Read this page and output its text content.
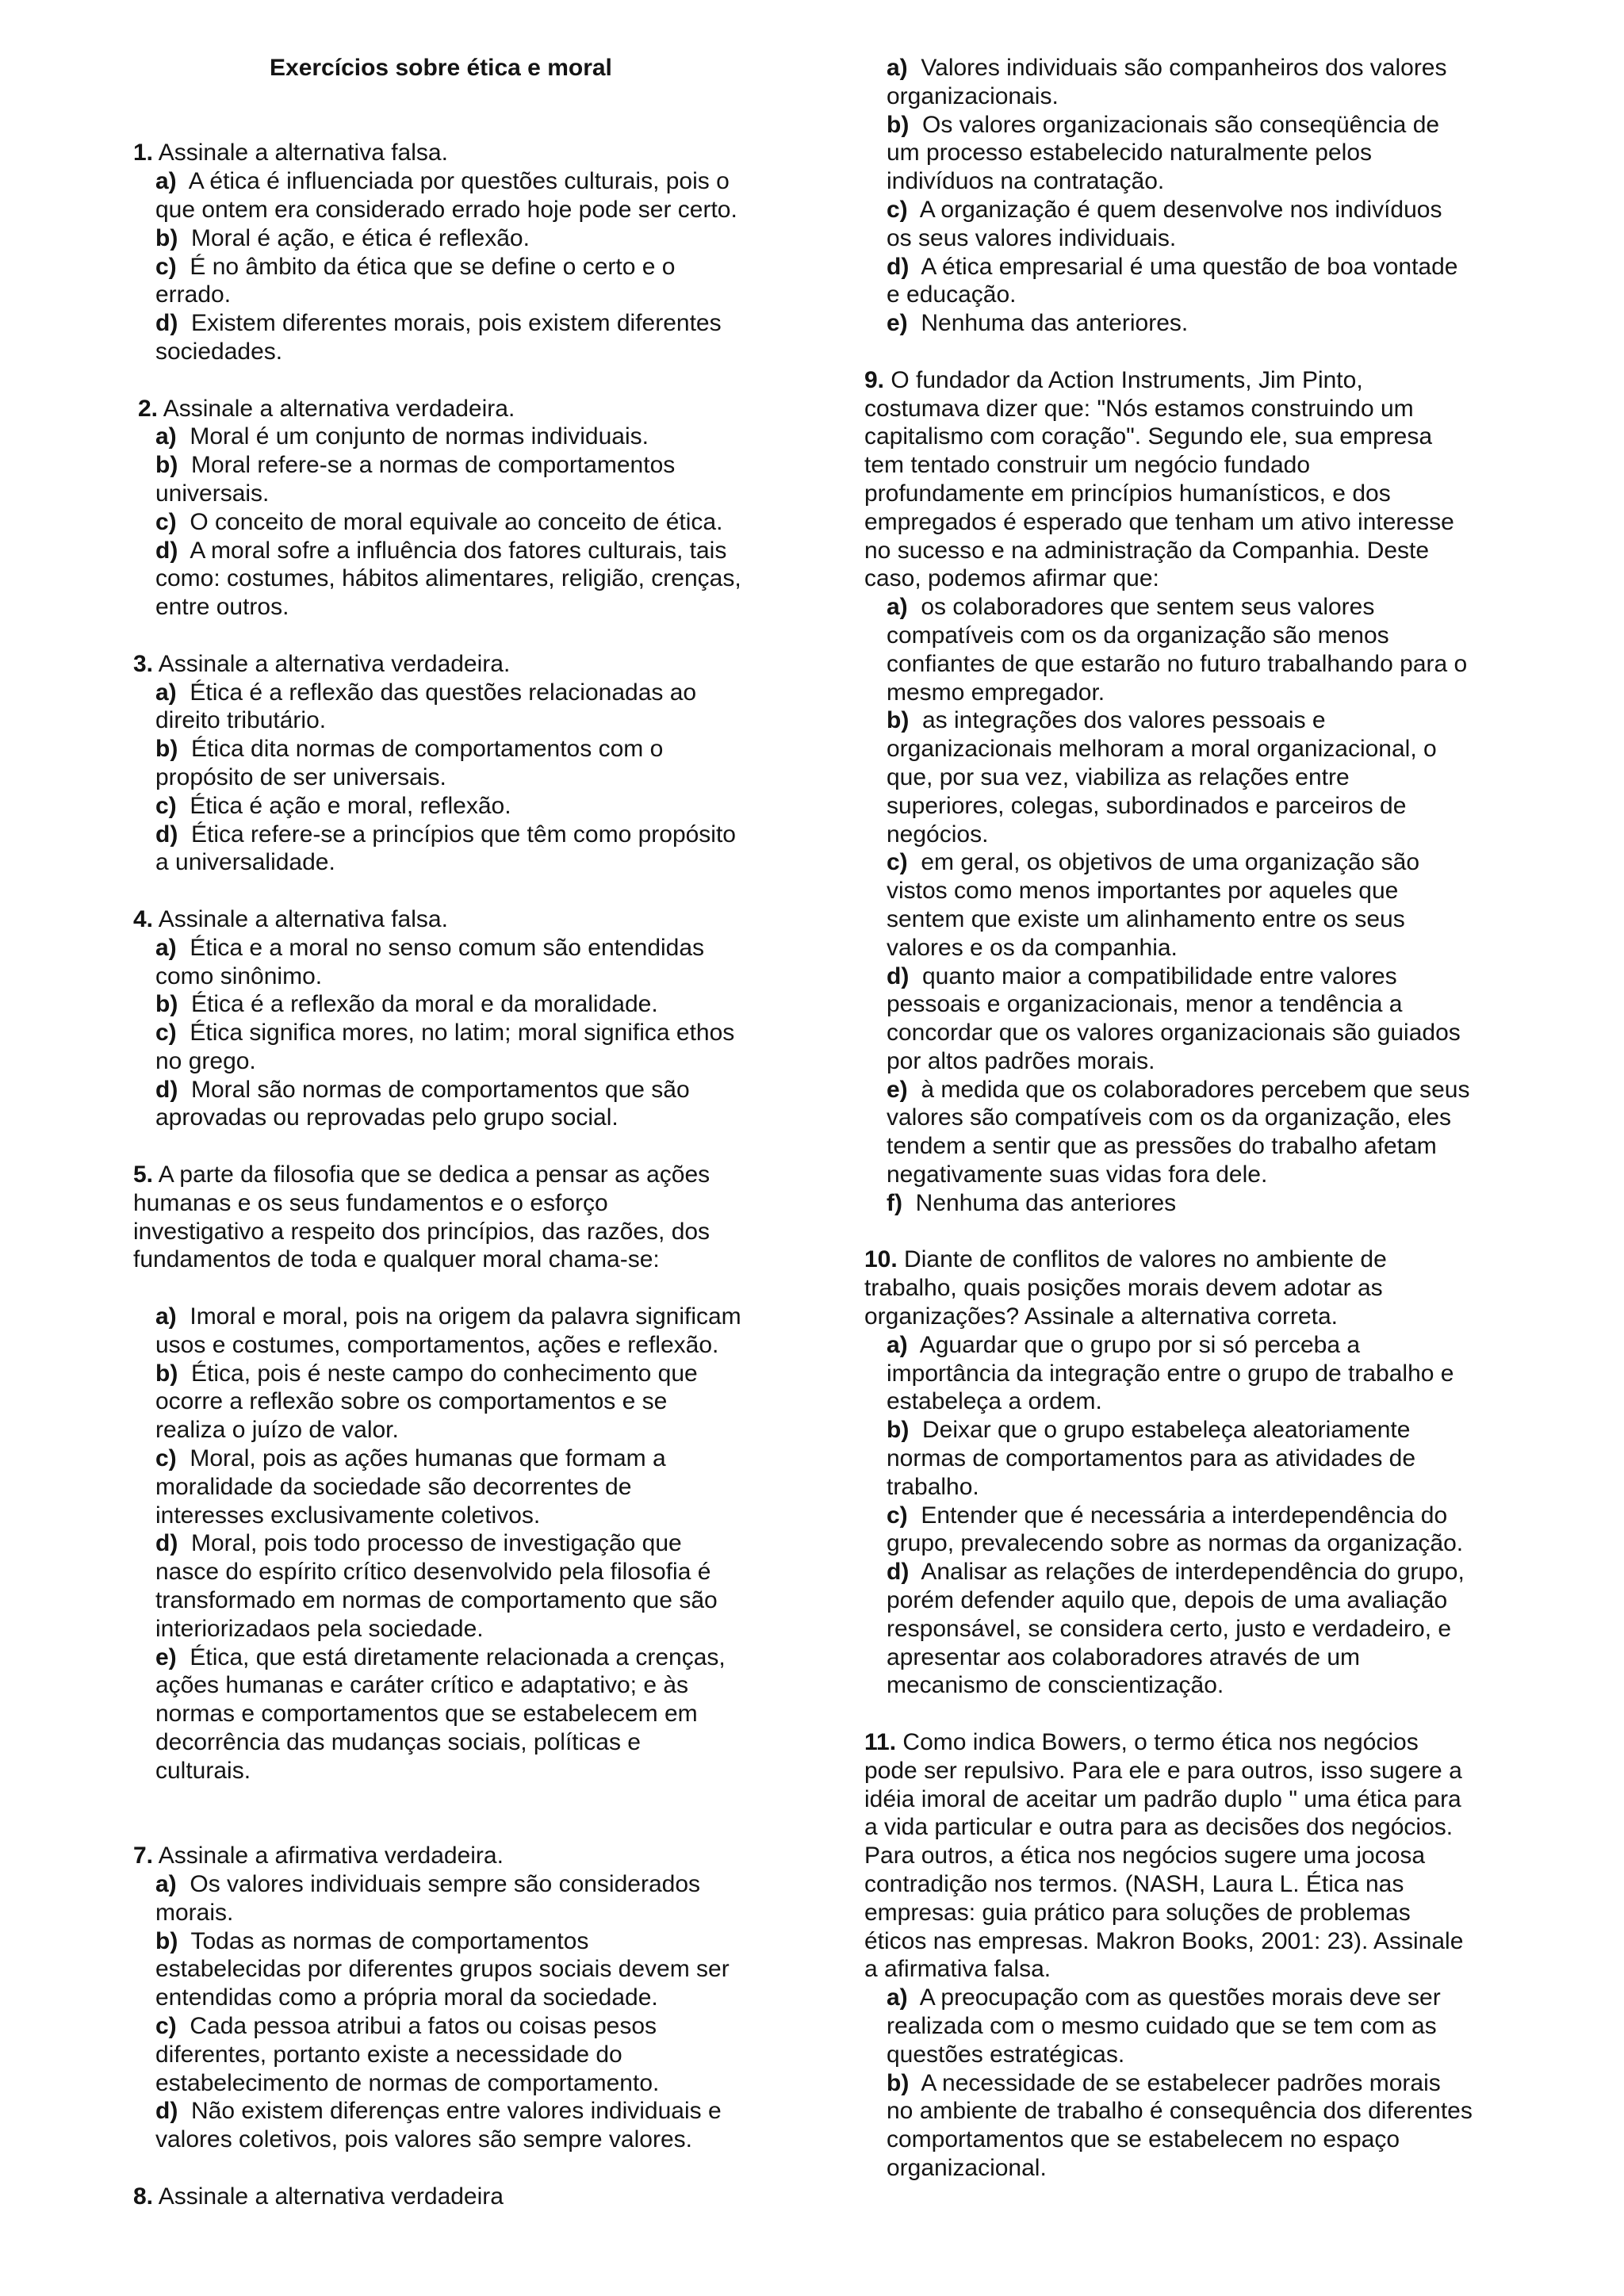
Exercícios sobre ética e moral
1. Assinale a alternativa falsa.
a)  A ética é influenciada por questões culturais, pois o
que ontem era considerado errado hoje pode ser certo.
b)  Moral é ação, e ética é reflexão.
c)  É no âmbito da ética que se define o certo e o
errado.
d)  Existem diferentes morais, pois existem diferentes
sociedades.
2. Assinale a alternativa verdadeira.
a)  Moral é um conjunto de normas individuais.
b)  Moral refere-se a normas de comportamentos
universais.
c)  O conceito de moral equivale ao conceito de ética.
d)  A moral sofre a influência dos fatores culturais, tais
como: costumes, hábitos alimentares, religião, crenças,
entre outros.
3. Assinale a alternativa verdadeira.
a)  Ética é a reflexão das questões relacionadas ao
direito tributário.
b)  Ética dita normas de comportamentos com o
propósito de ser universais.
c)  Ética é ação e moral, reflexão.
d)  Ética refere-se a princípios que têm como propósito
a universalidade.
4. Assinale a alternativa falsa.
a)  Ética e a moral no senso comum são entendidas
como sinônimo.
b)  Ética é a reflexão da moral e da moralidade.
c)  Ética significa mores, no latim; moral significa ethos
no grego.
d)  Moral são normas de comportamentos que são
aprovadas ou reprovadas pelo grupo social.
5. A parte da filosofia que se dedica a pensar as ações
humanas e os seus fundamentos e o esforço
investigativo a respeito dos princípios, das razões, dos
fundamentos de toda e qualquer moral chama-se:
a)  Imoral e moral, pois na origem da palavra significam
usos e costumes, comportamentos, ações e reflexão.
b)  Ética, pois é neste campo do conhecimento que
ocorre a reflexão sobre os comportamentos e se
realiza o juízo de valor.
c)  Moral, pois as ações humanas que formam a
moralidade da sociedade são decorrentes de
interesses exclusivamente coletivos.
d)  Moral, pois todo processo de investigação que
nasce do espírito crítico desenvolvido pela filosofia é
transformado em normas de comportamento que são
interiorizadaos pela sociedade.
e)  Ética, que está diretamente relacionada a crenças,
ações humanas e caráter crítico e adaptativo; e às
normas e comportamentos que se estabelecem em
decorrência das mudanças sociais, políticas e
culturais.
7. Assinale a afirmativa verdadeira.
a)  Os valores individuais sempre são considerados
morais.
b)  Todas as normas de comportamentos
estabelecidas por diferentes grupos sociais devem ser
entendidas como a própria moral da sociedade.
c)  Cada pessoa atribui a fatos ou coisas pesos
diferentes, portanto existe a necessidade do
estabelecimento de normas de comportamento.
d)  Não existem diferenças entre valores individuais e
valores coletivos, pois valores são sempre valores.
8. Assinale a alternativa verdadeira
a)  Valores individuais são companheiros dos valores
organizacionais.
b)  Os valores organizacionais são conseqüência de
um processo estabelecido naturalmente pelos
indivíduos na contratação.
c)  A organização é quem desenvolve nos indivíduos
os seus valores individuais.
d)  A ética empresarial é uma questão de boa vontade
e educação.
e)  Nenhuma das anteriores.
9. O fundador da Action Instruments, Jim Pinto,
costumava dizer que: "Nós estamos construindo um
capitalismo com coração". Segundo ele, sua empresa
tem tentado construir um negócio fundado
profundamente em princípios humanísticos, e dos
empregados é esperado que tenham um ativo interesse
no sucesso e na administração da Companhia. Deste
caso, podemos afirmar que:
a)  os colaboradores que sentem seus valores
compatíveis com os da organização são menos
confiantes de que estarão no futuro trabalhando para o
mesmo empregador.
b)  as integrações dos valores pessoais e
organizacionais melhoram a moral organizacional, o
que, por sua vez, viabiliza as relações entre
superiores, colegas, subordinados e parceiros de
negócios.
c)  em geral, os objetivos de uma organização são
vistos como menos importantes por aqueles que
sentem que existe um alinhamento entre os seus
valores e os da companhia.
d)  quanto maior a compatibilidade entre valores
pessoais e organizacionais, menor a tendência a
concordar que os valores organizacionais são guiados
por altos padrões morais.
e)  à medida que os colaboradores percebem que seus
valores são compatíveis com os da organização, eles
tendem a sentir que as pressões do trabalho afetam
negativamente suas vidas fora dele.
f)  Nenhuma das anteriores
10. Diante de conflitos de valores no ambiente de
trabalho, quais posições morais devem adotar as
organizações? Assinale a alternativa correta.
a)  Aguardar que o grupo por si só perceba a
importância da integração entre o grupo de trabalho e
estabeleça a ordem.
b)  Deixar que o grupo estabeleça aleatoriamente
normas de comportamentos para as atividades de
trabalho.
c)  Entender que é necessária a interdependência do
grupo, prevalecendo sobre as normas da organização.
d)  Analisar as relações de interdependência do grupo,
porém defender aquilo que, depois de uma avaliação
responsável, se considera certo, justo e verdadeiro, e
apresentar aos colaboradores através de um
mecanismo de conscientização.
11. Como indica Bowers, o termo ética nos negócios
pode ser repulsivo. Para ele e para outros, isso sugere a
idéia imoral de aceitar um padrão duplo " uma ética para
a vida particular e outra para as decisões dos negócios.
Para outros, a ética nos negócios sugere uma jocosa
contradição nos termos. (NASH, Laura L. Ética nas
empresas: guia prático para soluções de problemas
éticos nas empresas. Makron Books, 2001: 23). Assinale
a afirmativa falsa.
a)  A preocupação com as questões morais deve ser
realizada com o mesmo cuidado que se tem com as
questões estratégicas.
b)  A necessidade de se estabelecer padrões morais
no ambiente de trabalho é consequência dos diferentes
comportamentos que se estabelecem no espaço
organizacional.
